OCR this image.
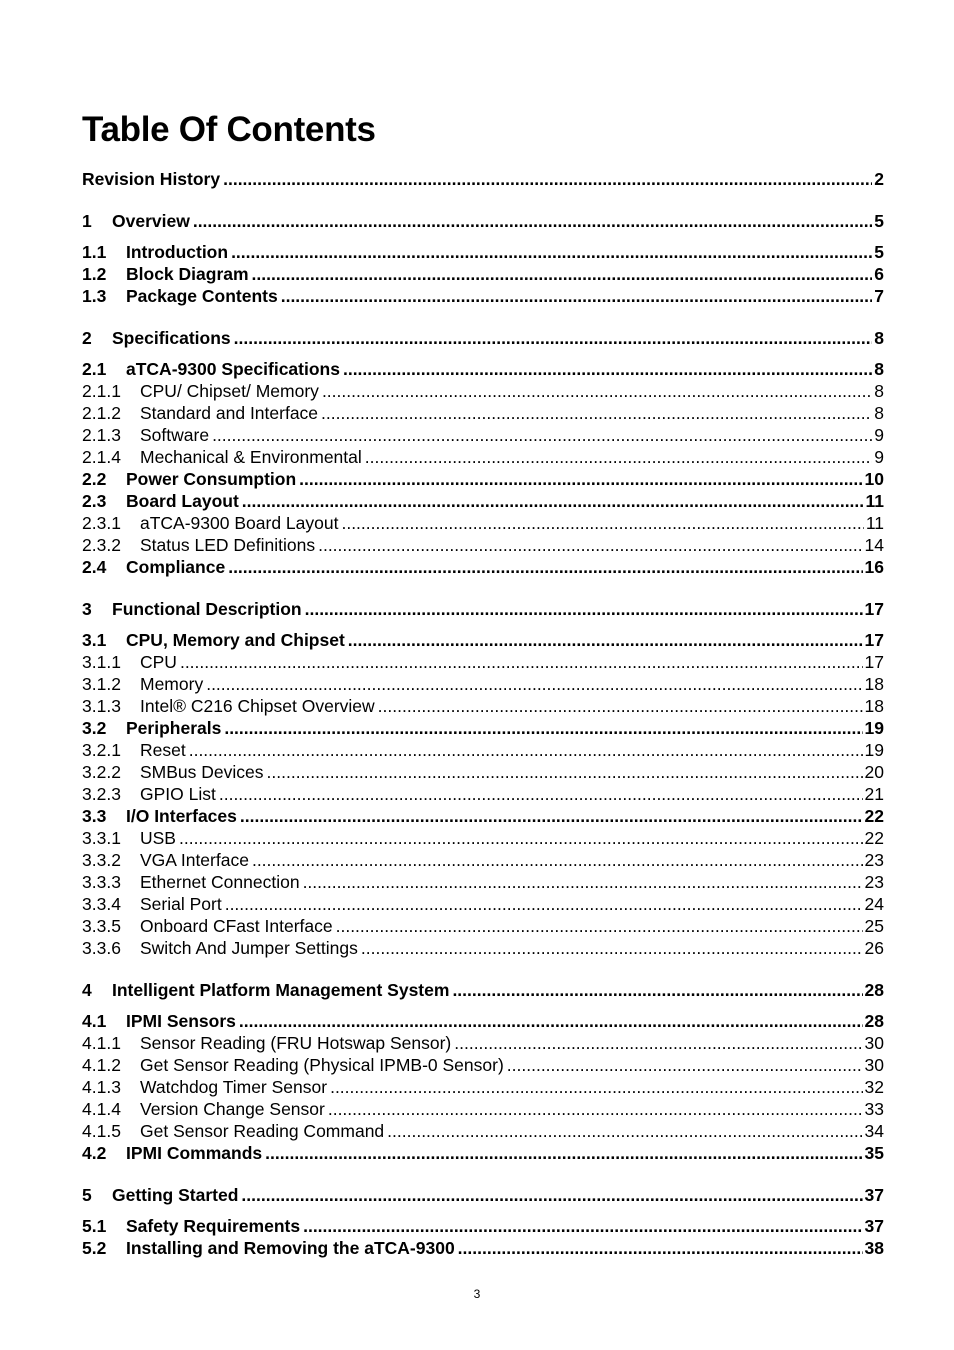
Table Of Contents
Revision History .....	2
1	Overview .....	5
1.1	Introduction .....	5
1.2	Block Diagram .....	6
1.3	Package Contents .....	7
2	Specifications .....	8
2.1	aTCA-9300 Specifications .....	8
2.1.1	CPU/ Chipset/ Memory .....	8
2.1.2	Standard and Interface .....	8
2.1.3	Software .....	9
2.1.4	Mechanical & Environmental .....	9
2.2	Power Consumption .....	10
2.3	Board Layout .....	11
2.3.1	aTCA-9300 Board Layout .....	11
2.3.2	Status LED Definitions .....	14
2.4	Compliance .....	16
3	Functional Description .....	17
3.1	CPU, Memory and Chipset .....	17
3.1.1	CPU .....	17
3.1.2	Memory .....	18
3.1.3	Intel® C216 Chipset Overview .....	18
3.2	Peripherals .....	19
3.2.1	Reset .....	19
3.2.2	SMBus Devices .....	20
3.2.3	GPIO List .....	21
3.3	I/O Interfaces .....	22
3.3.1	USB .....	22
3.3.2	VGA Interface .....	23
3.3.3	Ethernet Connection .....	23
3.3.4	Serial Port .....	24
3.3.5	Onboard CFast Interface .....	25
3.3.6	Switch And Jumper Settings .....	26
4	Intelligent Platform Management System .....	28
4.1	IPMI Sensors .....	28
4.1.1	Sensor Reading (FRU Hotswap Sensor) .....	30
4.1.2	Get Sensor Reading (Physical IPMB-0 Sensor) .....	30
4.1.3	Watchdog Timer Sensor .....	32
4.1.4	Version Change Sensor .....	33
4.1.5	Get Sensor Reading Command .....	34
4.2	IPMI Commands .....	35
5	Getting Started .....	37
5.1	Safety Requirements .....	37
5.2	Installing and Removing the aTCA-9300 .....	38
3
